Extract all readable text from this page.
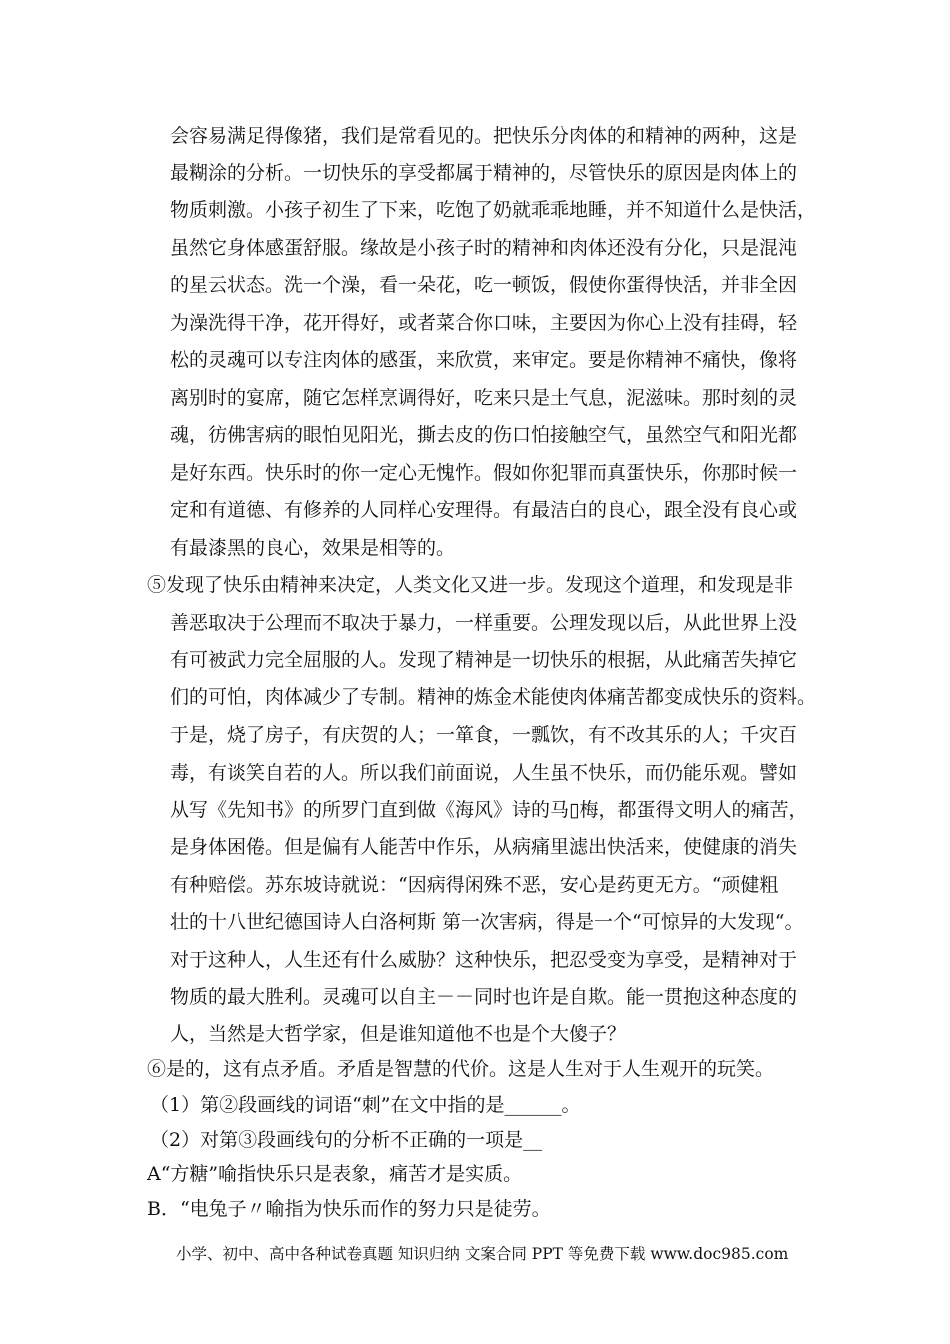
会容易满足得像猪，我们是常看见的。把快乐分肉体的和精神的两种，这是
最糊涂的分析。一切快乐的享受都属于精神的，尽管快乐的原因是肉体上的
物质刺激。小孩子初生了下来，吃饱了奶就乖乖地睡，并不知道什么是快活，
虽然它身体感蛋舒服。缘故是小孩子时的精神和肉体还没有分化，只是混沌
的星云状态。洗一个澡，看一朵花，吃一顿饭，假使你蛋得快活，并非全因
为澡洗得干净，花开得好，或者菜合你口味，主要因为你心上没有挂碍，轻
松的灵魂可以专注肉体的感蛋，来欣赏，来审定。要是你精神不痛快，像将
离别时的宴席，随它怎样烹调得好，吃来只是土气息，泥滋味。那时刻的灵
魂，彷佛害病的眼怕见阳光，撕去皮的伤口怕接触空气，虽然空气和阳光都
是好东西。快乐时的你一定心无愧怍。假如你犯罪而真蛋快乐，你那时候一
定和有道德、有修养的人同样心安理得。有最洁白的良心，跟全没有良心或
有最漆黑的良心，效果是相等的。
⑤发现了快乐由精神来决定，人类文化又进一步。发现这个道理，和发现是非
善恶取决于公理而不取决于暴力，一样重要。公理发现以后，从此世界上没
有可被武力完全屈服的人。发现了精神是一切快乐的根据，从此痛苦失掉它
们的可怕，肉体减少了专制。精神的炼金术能使肉体痛苦都变成快乐的资料。
于是，烧了房子，有庆贺的人；一箪食，一瓢饮，有不改其乐的人；千灾百
毒，有谈笑自若的人。所以我们前面说，人生虽不快乐，而仍能乐观。譬如
从写《先知书》的所罗门直到做《海风》诗的马▯梅，都蛋得文明人的痛苦，
是身体困倦。但是偏有人能苦中作乐，从病痛里滤出快活来，使健康的消失
有种赔偿。苏东坡诗就说：“因病得闲殊不恶，安心是药更无方。“顽健粗
壮的十八世纪德国诗人白洛柯斯 第一次害病，得是一个“可惊异的大发现“。
对于这种人，人生还有什么威胁？这种快乐，把忍受变为享受，是精神对于
物质的最大胜利。灵魂可以自主－－同时也许是自欺。能一贯抱这种态度的
人，当然是大哲学家，但是谁知道他不也是个大傻子？
⑥是的，这有点矛盾。矛盾是智慧的代价。这是人生对于人生观开的玩笑。
（1）第②段画线的词语“刺”在文中指的是______。
（2）对第③段画线句的分析不正确的一项是__
A“方糖”喻指快乐只是表象，痛苦才是实质。
B．“电兔子〃喻指为快乐而作的努力只是徒劳。
小学、初中、高中各种试卷真题 知识归纳 文案合同 PPT 等免费下载 www.doc985.com
